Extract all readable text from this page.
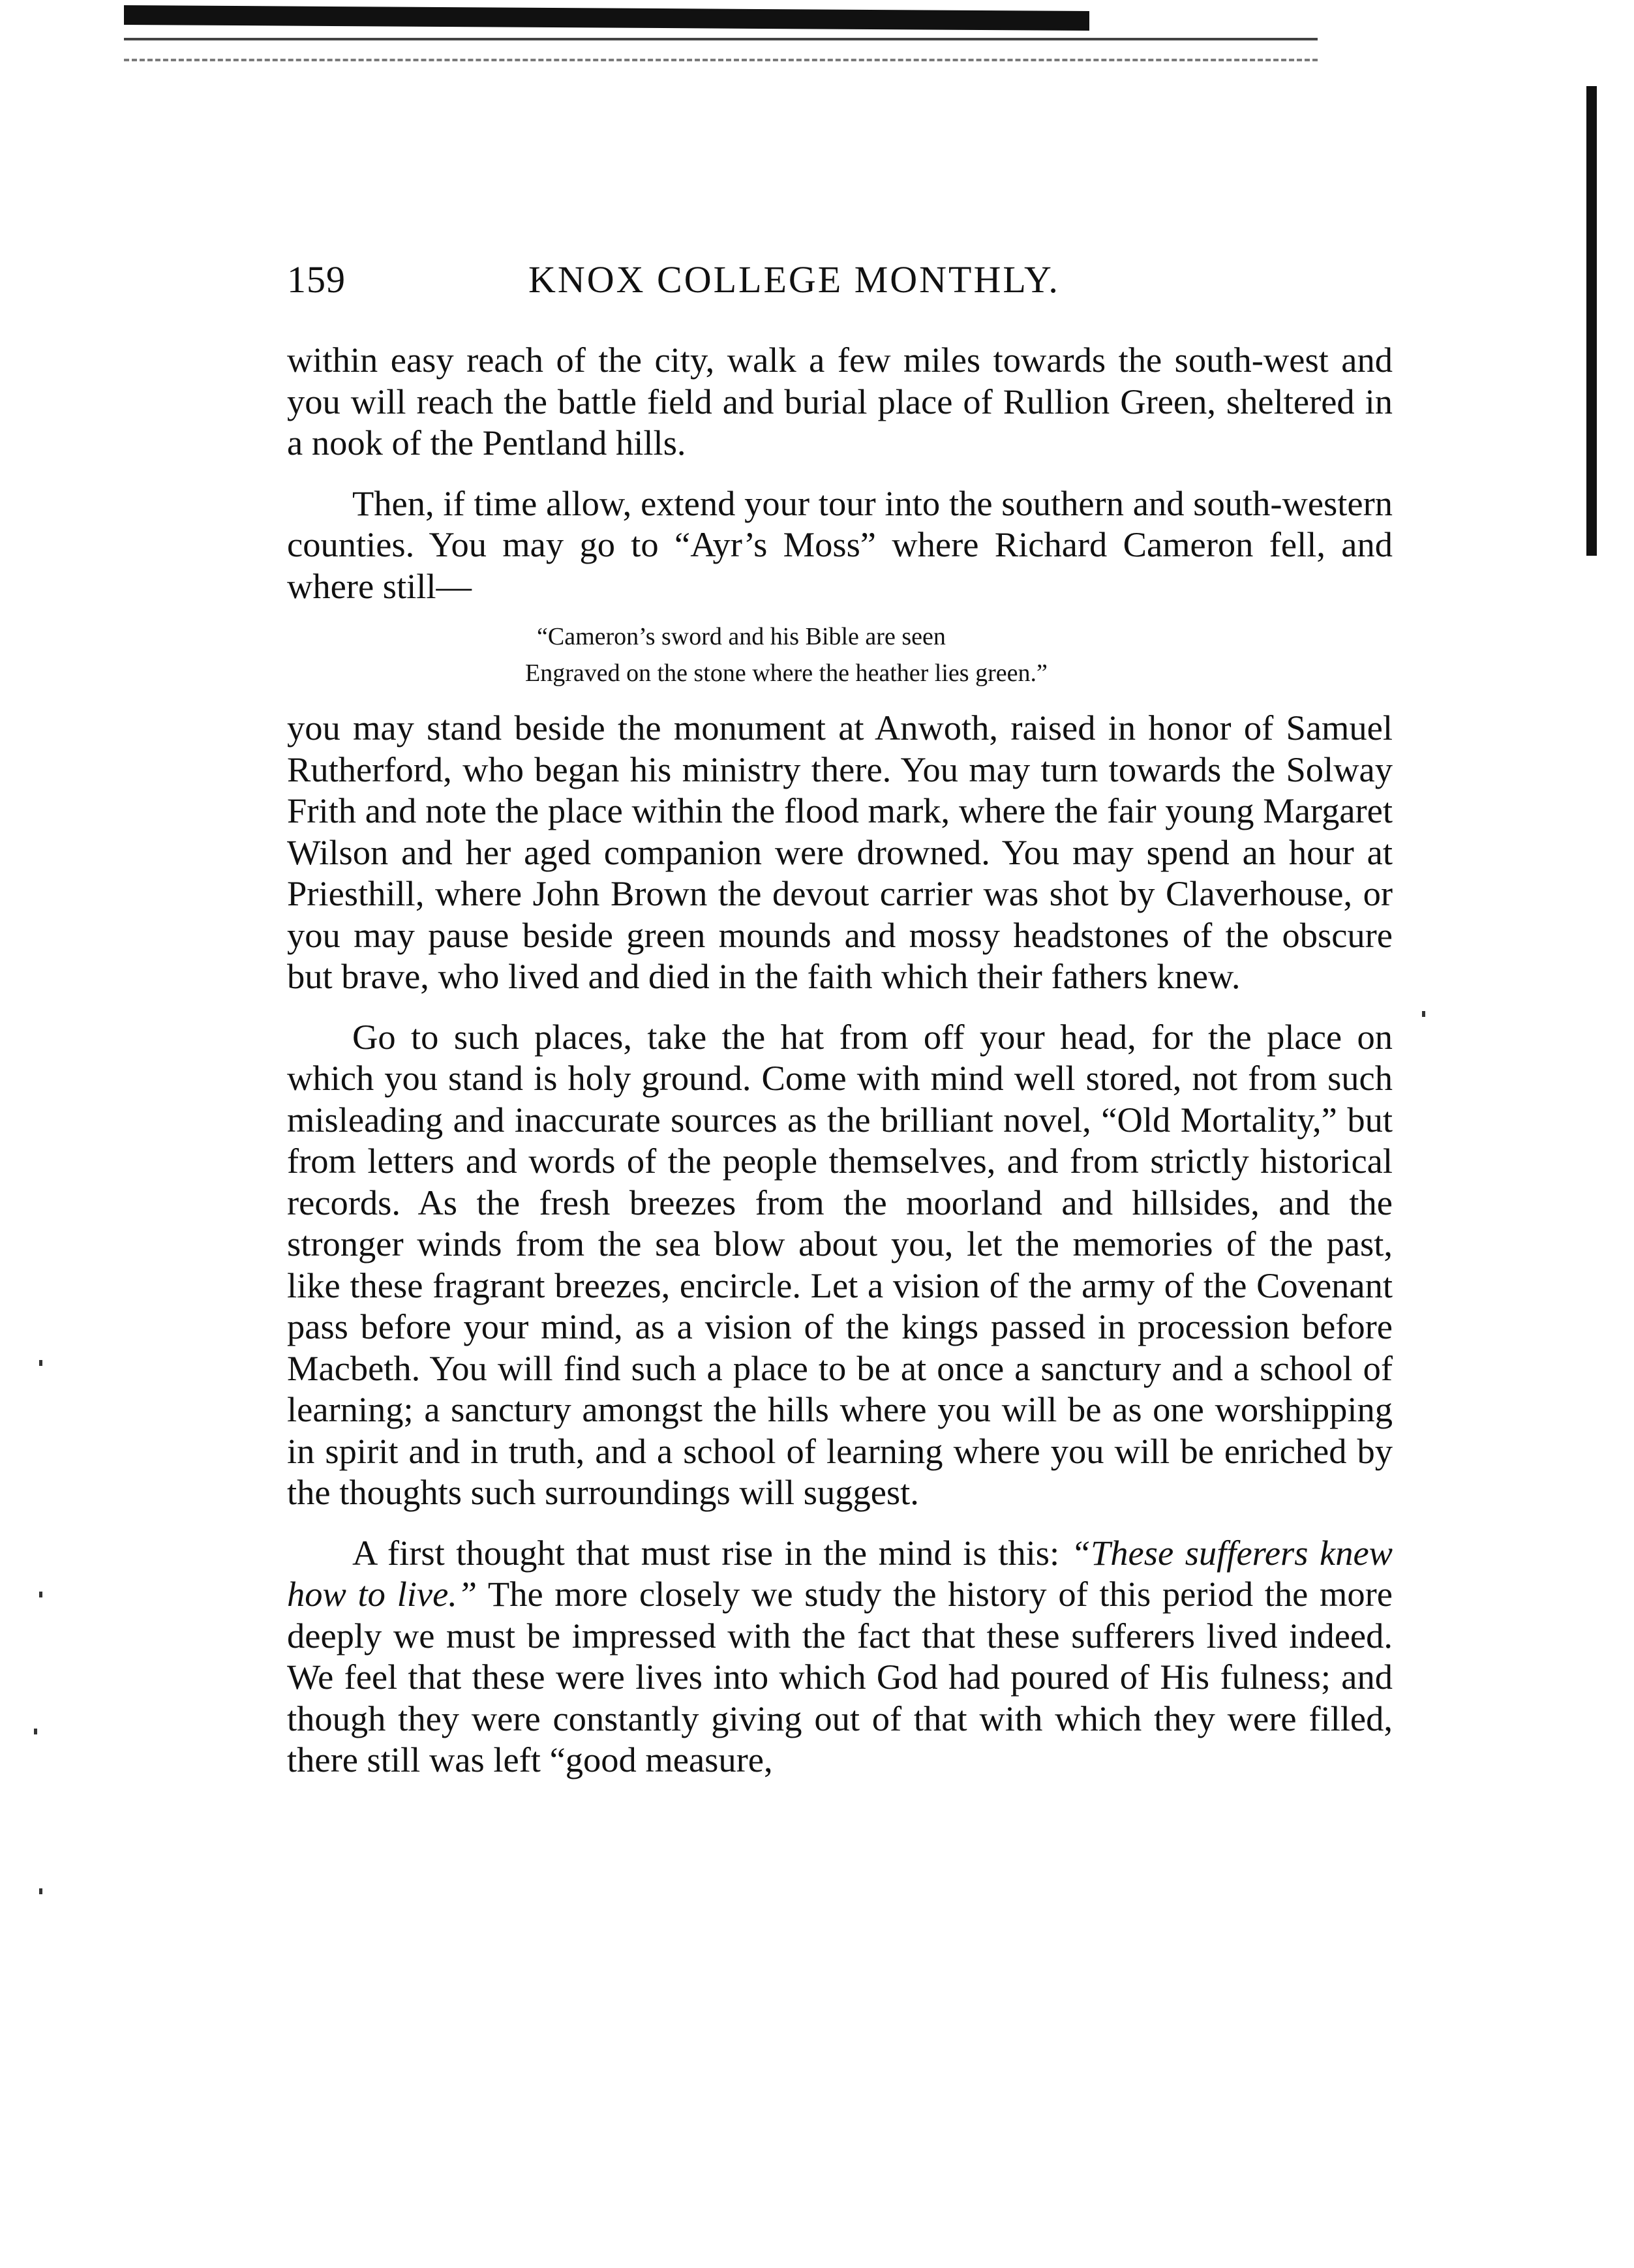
159	KNOX COLLEGE MONTHLY.

within easy reach of the city, walk a few miles towards the south-west and you will reach the battle field and burial place of Rullion Green, sheltered in a nook of the Pentland hills.

Then, if time allow, extend your tour into the southern and south-western counties. You may go to “Ayr’s Moss” where Richard Cameron fell, and where still—

“Cameron’s sword and his Bible are seen
Engraved on the stone where the heather lies green.”

you may stand beside the monument at Anwoth, raised in honor of Samuel Rutherford, who began his ministry there. You may turn towards the Solway Frith and note the place within the flood mark, where the fair young Margaret Wilson and her aged companion were drowned. You may spend an hour at Priesthill, where John Brown the devout carrier was shot by Claverhouse, or you may pause beside green mounds and mossy headstones of the obscure but brave, who lived and died in the faith which their fathers knew.

Go to such places, take the hat from off your head, for the place on which you stand is holy ground. Come with mind well stored, not from such misleading and inaccurate sources as the brilliant novel, “Old Mortality,” but from letters and words of the people themselves, and from strictly historical records. As the fresh breezes from the moorland and hillsides, and the stronger winds from the sea blow about you, let the memories of the past, like these fragrant breezes, encircle. Let a vision of the army of the Covenant pass before your mind, as a vision of the kings passed in procession before Macbeth. You will find such a place to be at once a sanctury and a school of learning; a sanctury amongst the hills where you will be as one worshipping in spirit and in truth, and a school of learning where you will be enriched by the thoughts such surroundings will suggest.

A first thought that must rise in the mind is this: “These sufferers knew how to live.” The more closely we study the history of this period the more deeply we must be impressed with the fact that these sufferers lived indeed. We feel that these were lives into which God had poured of His fulness; and though they were constantly giving out of that with which they were filled, there still was left “good measure,
